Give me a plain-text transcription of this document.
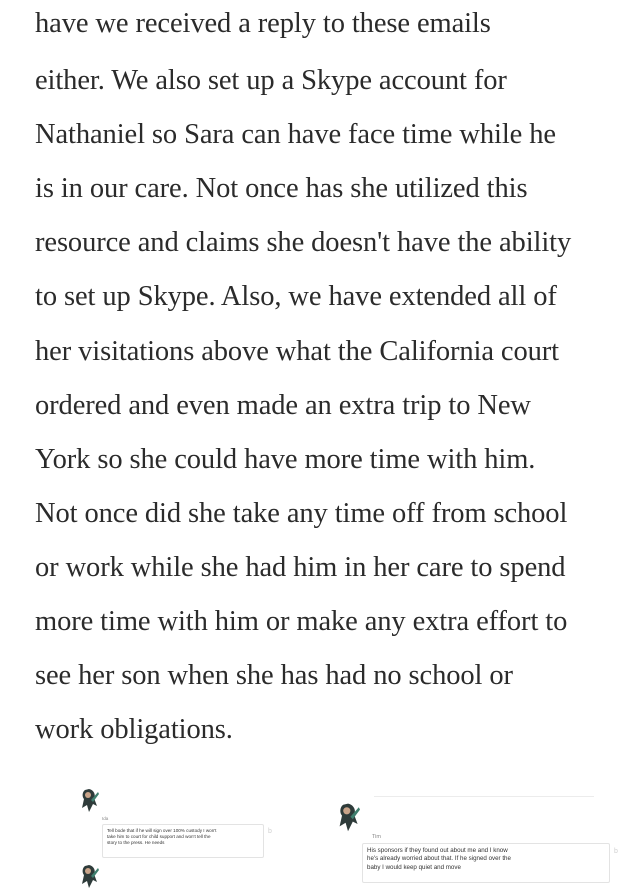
have we received a reply to these emails
either. We also set up a Skype account for
Nathaniel so Sara can have face time while he
is in our care. Not once has she utilized this
resource and claims she doesn't have the ability
to set up Skype. Also, we have extended all of
her visitations above what the California court
ordered and even made an extra trip to New
York so she could have more time with him.
Not once did she take any time off from school
or work while she had him in her care to spend
more time with him or make any extra effort to
see her son when she has had no school or
work obligations.
Ida
Tell bode that if he will sign over 100% custody I won't
take him to court for child support and won't tell the
story to the press. He needs
b
Tim
His sponsors if they found out about me and I know
he's already worried about that. If he signed over the
baby I would keep quiet and move
b
